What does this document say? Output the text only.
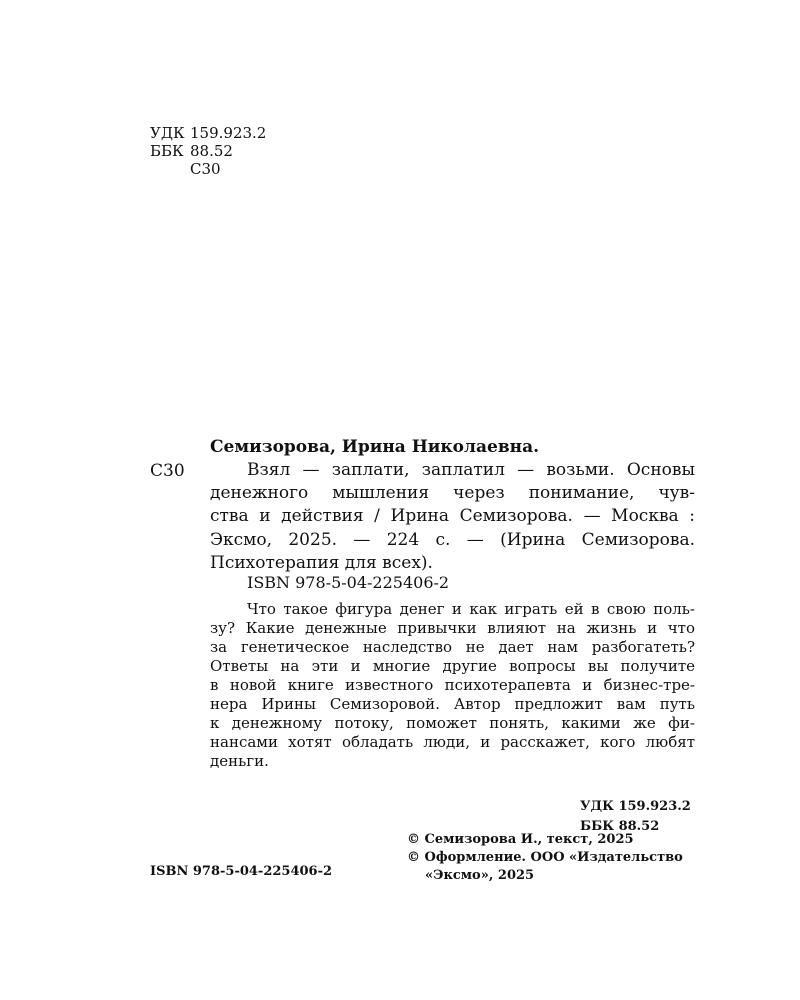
УДК 159.923.2
ББК 88.52
С30
Семизорова, Ирина Николаевна.
С30	Взял — заплати, заплатил — возьми. Основы
денежного мышления через понимание, чув-
ства и действия / Ирина Семизорова. — Москва :
Эксмо, 2025. — 224 с. — (Ирина Семизорова.
Психотерапия для всех).
ISBN 978-5-04-225406-2
Что такое фигура денег и как играть ей в свою поль-
зу? Какие денежные привычки влияют на жизнь и что
за генетическое наследство не дает нам разбогатеть?
Ответы на эти и многие другие вопросы вы получите
в новой книге известного психотерапевта и бизнес-тре-
нера Ирины Семизоровой. Автор предложит вам путь
к денежному потоку, поможет понять, какими же фи-
нансами хотят обладать люди, и расскажет, кого любят
деньги.
УДК 159.923.2
ББК 88.52
© Семизорова И., текст, 2025
© Оформление. ООО «Издательство
«Эксмо», 2025
ISBN 978-5-04-225406-2
